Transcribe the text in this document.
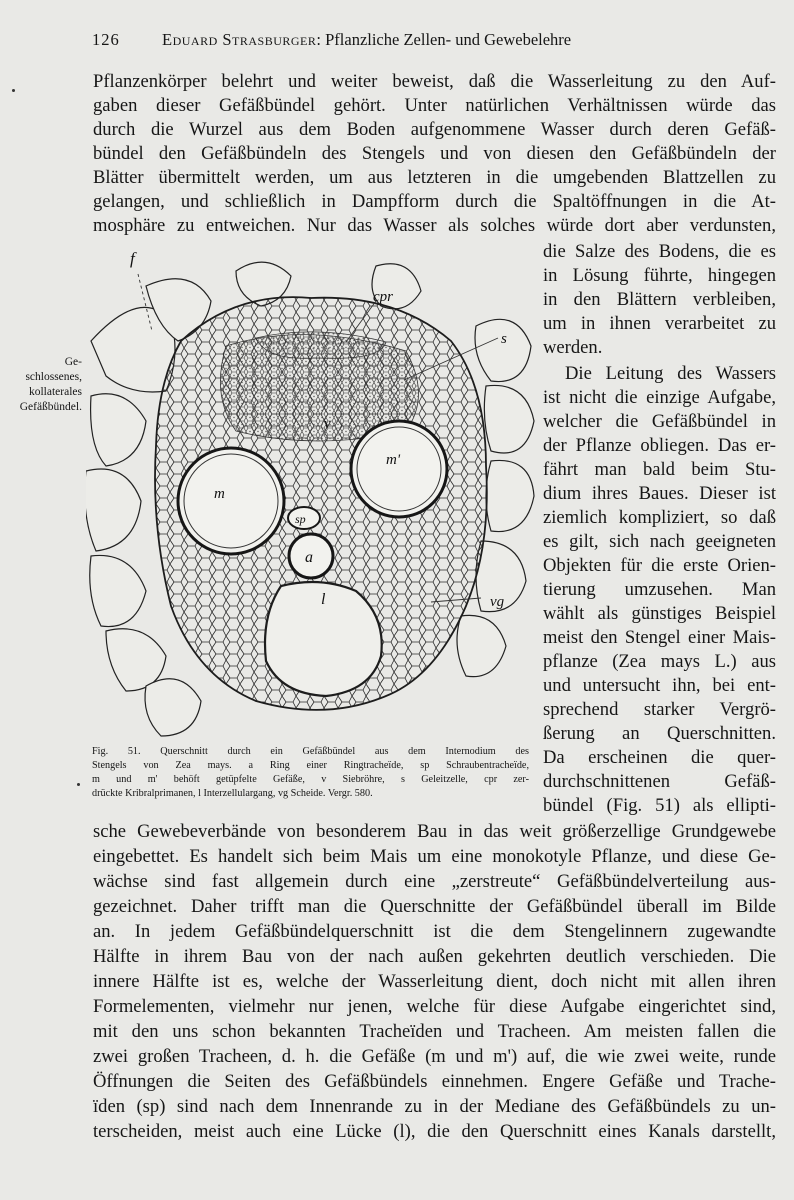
126	Eduard Strasburger: Pflanzliche Zellen- und Gewebelehre
Ge-
schlossenes,
kollaterales
Gefäßbündel.
Pflanzenkörper belehrt und weiter beweist, daß die Wasserleitung zu den Auf-
gaben dieser Gefäßbündel gehört. Unter natürlichen Verhältnissen würde das
durch die Wurzel aus dem Boden aufgenommene Wasser durch deren Gefäß-
bündel den Gefäßbündeln des Stengels und von diesen den Gefäßbündeln der
Blätter übermittelt werden, um aus letzteren in die umgebenden Blattzellen zu
gelangen, und schließlich in Dampfform durch die Spaltöffnungen in die At-
mosphäre zu entweichen. Nur das Wasser als solches würde dort aber verdunsten,
die Salze des Bodens, die es
in Lösung führte, hingegen
in den Blättern verbleiben,
um in ihnen verarbeitet zu
werden.
Die Leitung des Wassers
ist nicht die einzige Aufgabe,
welcher die Gefäßbündel in
der Pflanze obliegen. Das er-
fährt man bald beim Stu-
dium ihres Baues. Dieser ist
ziemlich kompliziert, so daß
es gilt, sich nach geeigneten
Objekten für die erste Orien-
tierung umzusehen. Man
wählt als günstiges Beispiel
meist den Stengel einer Mais-
pflanze (Zea mays L.) aus
und untersucht ihn, bei ent-
sprechend starker Vergrö-
ßerung an Querschnitten.
Da erscheinen die quer-
durchschnittenen Gefäß-
bündel (Fig. 51) als ellipti-
f
cpr
s
v
m
m'
sp
a
l	vg
Fig. 51. Querschnitt durch ein Gefäßbündel aus dem Internodium des
Stengels von Zea mays. a Ring einer Ringtracheïde, sp Schraubentracheïde,
m und m' behöft getüpfelte Gefäße, v Siebröhre, s Geleitzelle, cpr zer-
drückte Kribralprimanen, l Interzellulargang, vg Scheide. Vergr. 580.
sche Gewebeverbände von besonderem Bau in das weit größerzellige Grundgewebe
eingebettet. Es handelt sich beim Mais um eine monokotyle Pflanze, und diese Ge-
wächse sind fast allgemein durch eine „zerstreute“ Gefäßbündelverteilung aus-
gezeichnet. Daher trifft man die Querschnitte der Gefäßbündel überall im Bilde
an. In jedem Gefäßbündelquerschnitt ist die dem Stengelinnern zugewandte
Hälfte in ihrem Bau von der nach außen gekehrten deutlich verschieden. Die
innere Hälfte ist es, welche der Wasserleitung dient, doch nicht mit allen ihren
Formelementen, vielmehr nur jenen, welche für diese Aufgabe eingerichtet sind,
mit den uns schon bekannten Tracheïden und Tracheen. Am meisten fallen die
zwei großen Tracheen, d. h. die Gefäße (m und m') auf, die wie zwei weite, runde
Öffnungen die Seiten des Gefäßbündels einnehmen. Engere Gefäße und Trache-
ïden (sp) sind nach dem Innenrande zu in der Mediane des Gefäßbündels zu un-
terscheiden, meist auch eine Lücke (l), die den Querschnitt eines Kanals darstellt,
